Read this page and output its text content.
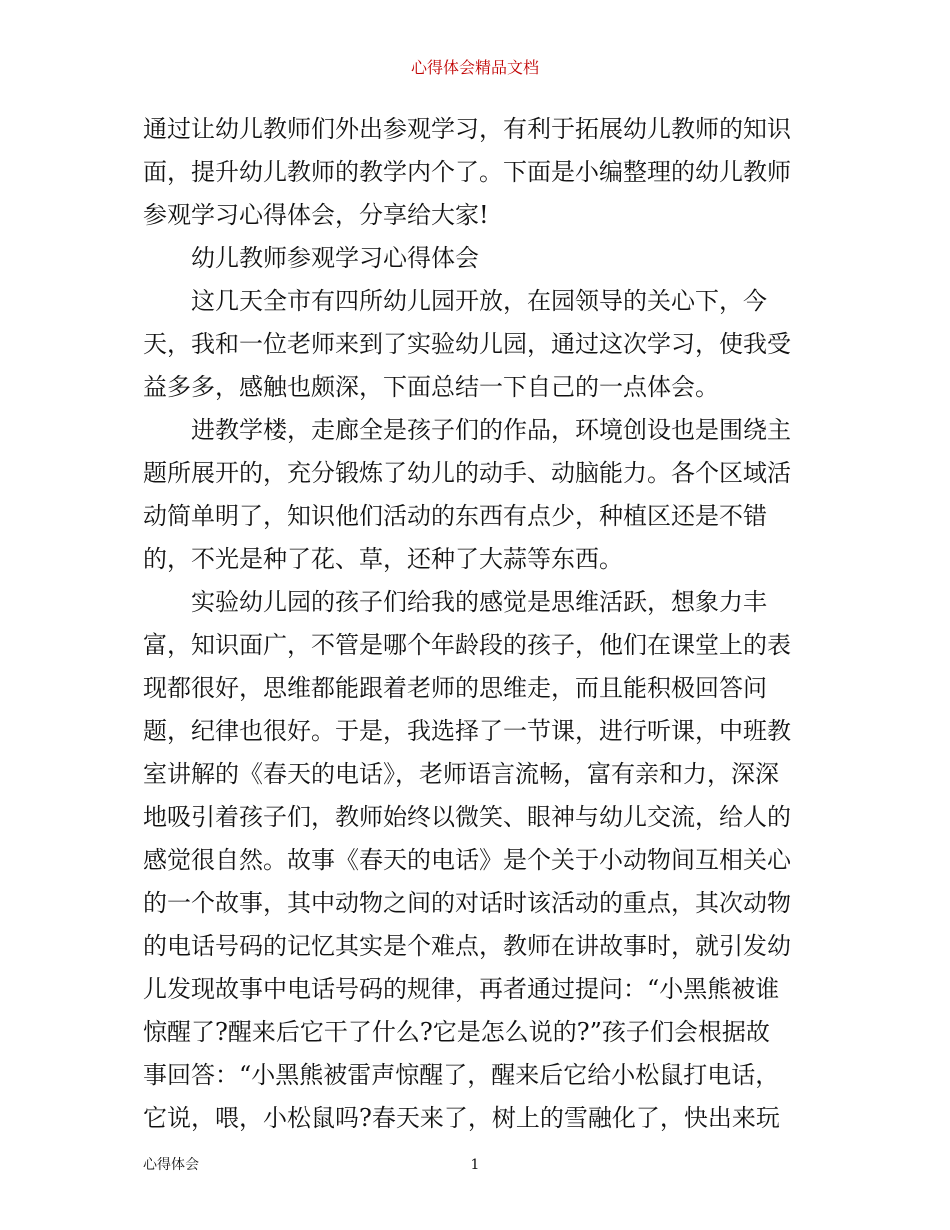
心得体会精品文档
通过让幼儿教师们外出参观学习，有利于拓展幼儿教师的知识
面，提升幼儿教师的教学内个了。下面是小编整理的幼儿教师
参观学习心得体会，分享给大家!
幼儿教师参观学习心得体会
这几天全市有四所幼儿园开放，在园领导的关心下，今
天，我和一位老师来到了实验幼儿园，通过这次学习，使我受
益多多，感触也颇深，下面总结一下自己的一点体会。
进教学楼，走廊全是孩子们的作品，环境创设也是围绕主
题所展开的，充分锻炼了幼儿的动手、动脑能力。各个区域活
动简单明了，知识他们活动的东西有点少，种植区还是不错
的，不光是种了花、草，还种了大蒜等东西。
实验幼儿园的孩子们给我的感觉是思维活跃，想象力丰
富，知识面广，不管是哪个年龄段的孩子，他们在课堂上的表
现都很好，思维都能跟着老师的思维走，而且能积极回答问
题，纪律也很好。于是，我选择了一节课，进行听课，中班教
室讲解的《春天的电话》，老师语言流畅，富有亲和力，深深
地吸引着孩子们，教师始终以微笑、眼神与幼儿交流，给人的
感觉很自然。故事《春天的电话》是个关于小动物间互相关心
的一个故事，其中动物之间的对话时该活动的重点，其次动物
的电话号码的记忆其实是个难点，教师在讲故事时，就引发幼
儿发现故事中电话号码的规律，再者通过提问：“小黑熊被谁
惊醒了?醒来后它干了什么?它是怎么说的?”孩子们会根据故
事回答：“小黑熊被雷声惊醒了，醒来后它给小松鼠打电话，
它说，喂，小松鼠吗?春天来了，树上的雪融化了，快出来玩
心得体会	1
